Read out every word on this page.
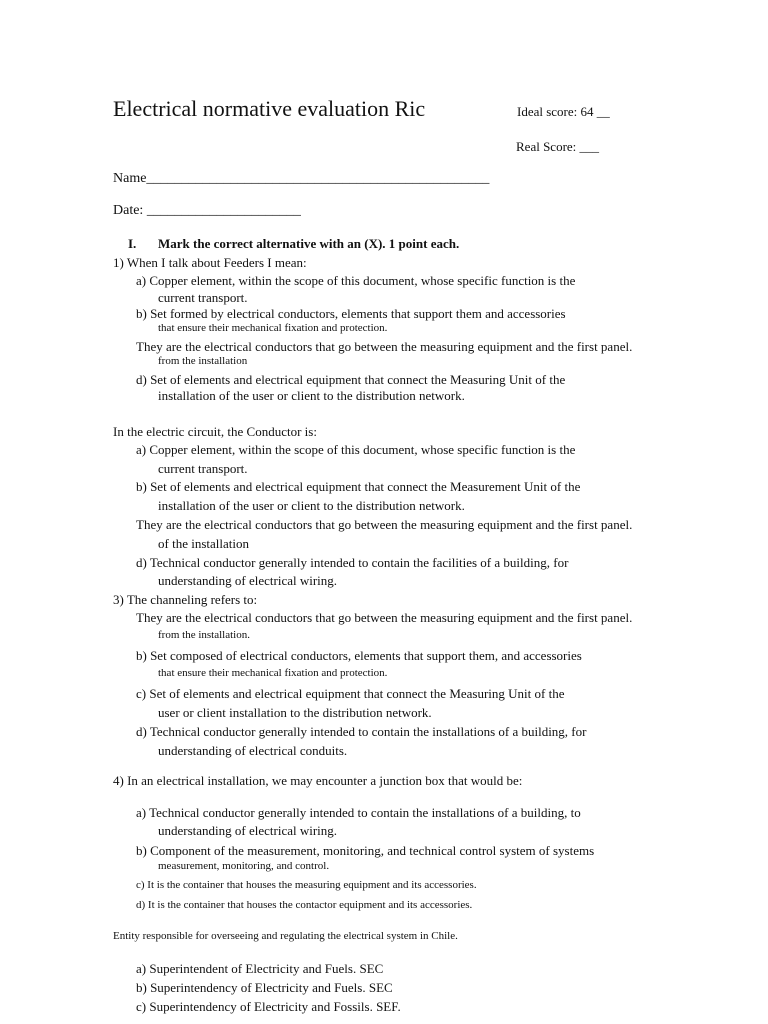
Electrical normative evaluation Ric	Ideal score: 64 __
Real Score: ___
Name_________________________________________________
Date: ______________________
I. Mark the correct alternative with an (X). 1 point each.
1) When I talk about Feeders I mean:
a) Copper element, within the scope of this document, whose specific function is the
current transport.
b) Set formed by electrical conductors, elements that support them and accessories
that ensure their mechanical fixation and protection.
They are the electrical conductors that go between the measuring equipment and the first panel.
from the installation
d) Set of elements and electrical equipment that connect the Measuring Unit of the
installation of the user or client to the distribution network.
In the electric circuit, the Conductor is:
a) Copper element, within the scope of this document, whose specific function is the
current transport.
b) Set of elements and electrical equipment that connect the Measurement Unit of the
installation of the user or client to the distribution network.
They are the electrical conductors that go between the measuring equipment and the first panel.
of the installation
d) Technical conductor generally intended to contain the facilities of a building, for
understanding of electrical wiring.
3) The channeling refers to:
They are the electrical conductors that go between the measuring equipment and the first panel.
from the installation.
b) Set composed of electrical conductors, elements that support them, and accessories
that ensure their mechanical fixation and protection.
c) Set of elements and electrical equipment that connect the Measuring Unit of the
user or client installation to the distribution network.
d) Technical conductor generally intended to contain the installations of a building, for
understanding of electrical conduits.
4) In an electrical installation, we may encounter a junction box that would be:
a) Technical conductor generally intended to contain the installations of a building, to
understanding of electrical wiring.
b) Component of the measurement, monitoring, and technical control system of systems
measurement, monitoring, and control.
c) It is the container that houses the measuring equipment and its accessories.
d) It is the container that houses the contactor equipment and its accessories.
Entity responsible for overseeing and regulating the electrical system in Chile.
a) Superintendent of Electricity and Fuels. SEC
b) Superintendency of Electricity and Fuels. SEC
c) Superintendency of Electricity and Fossils. SEF.
